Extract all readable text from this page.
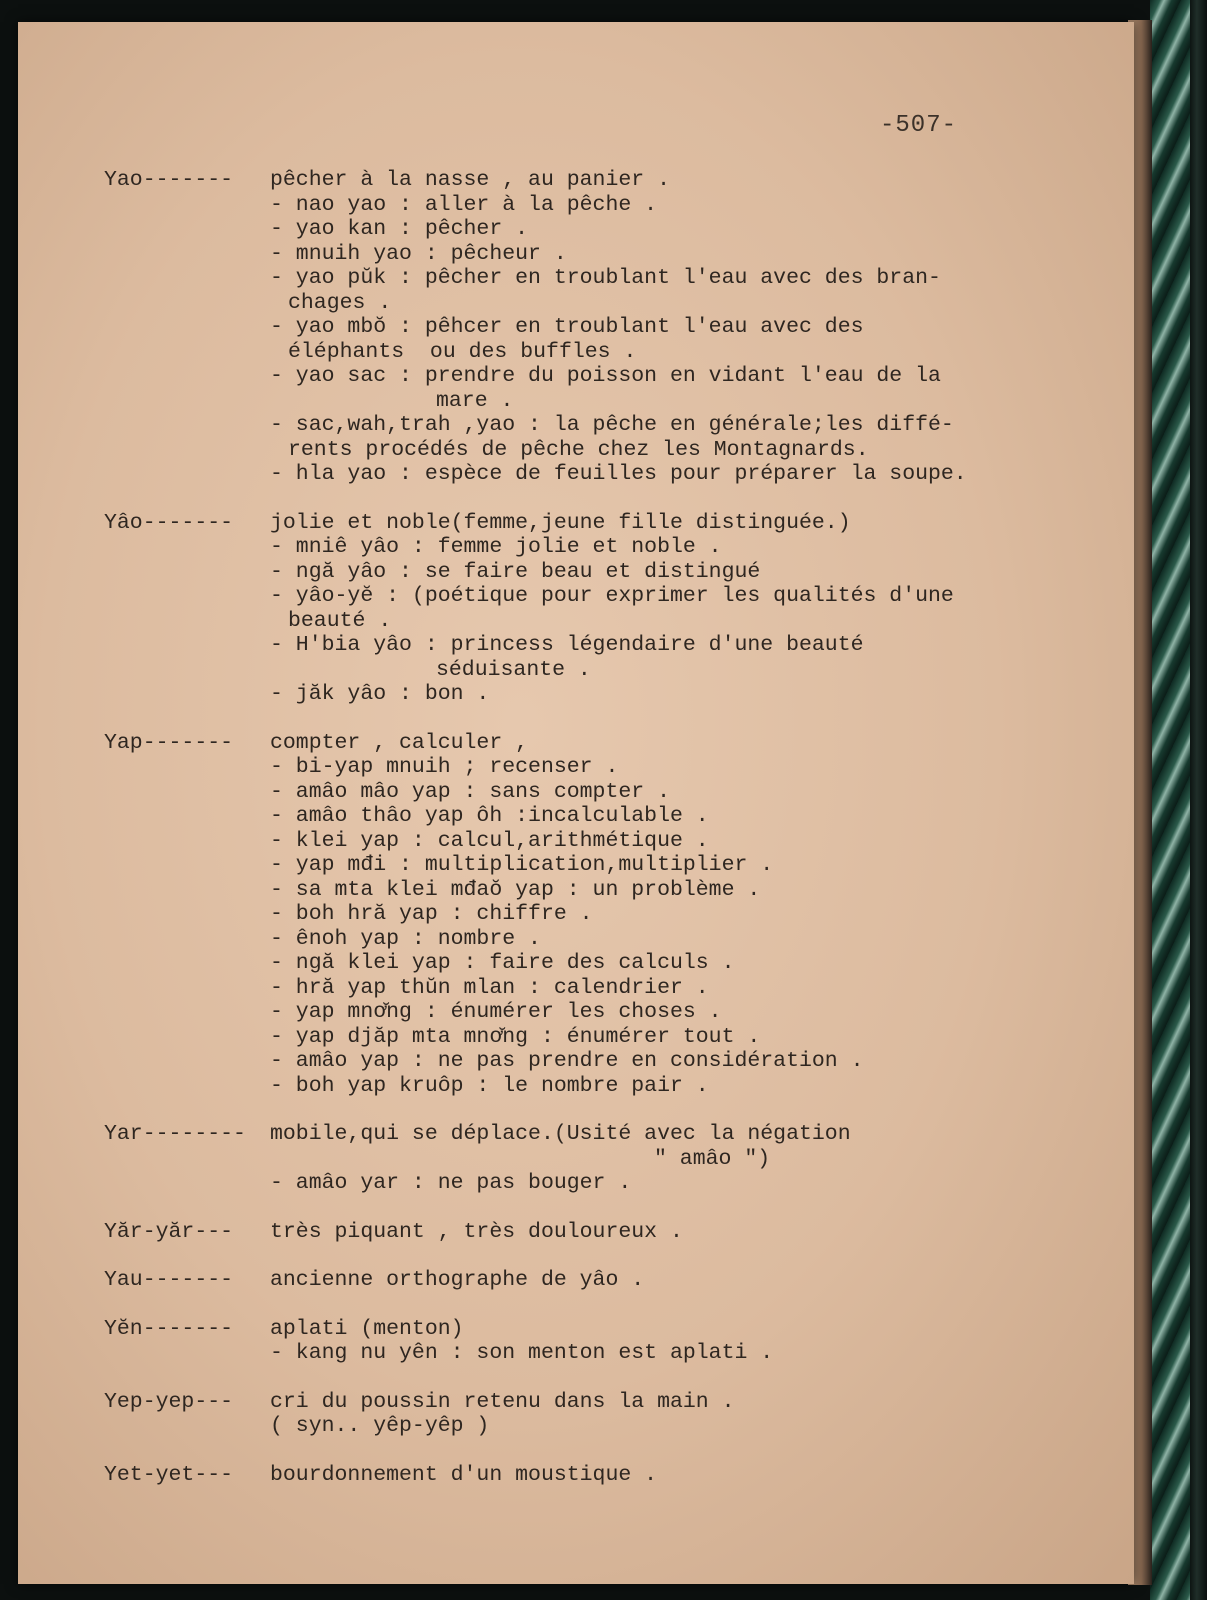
-507-
Yao-------	pêcher à la nasse , au panier .
- nao yao : aller à la pêche .
- yao kan : pêcher .
- mnuih yao : pêcheur .
- yao pŭk : pêcher en troublant l'eau avec des bran-
chages .
- yao mbŏ : pêhcer en troublant l'eau avec des
éléphants  ou des buffles .
- yao sac : prendre du poisson en vidant l'eau de la
mare .
- sac,wah,trah ,yao : la pêche en générale;les diffé-
rents procédés de pêche chez les Montagnards.
- hla yao : espèce de feuilles pour préparer la soupe.
Yâo-------	jolie et noble(femme,jeune fille distinguée.)
- mniê yâo : femme jolie et noble .
- ngă yâo : se faire beau et distingué
- yâo-yĕ : (poétique pour exprimer les qualités d'une
beauté .
- H'bia yâo : princess légendaire d'une beauté
séduisante .
- jăk yâo : bon .
Yap-------	compter , calculer ,
- bi-yap mnuih ; recenser .
- amâo mâo yap : sans compter .
- amâo thâo yap ôh :incalculable .
- klei yap : calcul,arithmétique .
- yap mđi : multiplication,multiplier .
- sa mta klei mđaŏ yap : un problème .
- boh hră yap : chiffre .
- ênoh yap : nombre .
- ngă klei yap : faire des calculs .
- hră yap thŭn mlan : calendrier .
- yap mnơ̆ng : énumérer les choses .
- yap djăp mta mnơ̆ng : énumérer tout .
- amâo yap : ne pas prendre en considération .
- boh yap kruôp : le nombre pair .
Yar--------	mobile,qui se déplace.(Usité avec la négation
" amâo ")
- amâo yar : ne pas bouger .
Yăr-yăr---	très piquant , très douloureux .
Yau-------	ancienne orthographe de yâo .
Yĕn-------	aplati (menton)
- kang nu yên : son menton est aplati .
Yep-yep---	cri du poussin retenu dans la main .
( syn.. yêp-yêp )
Yet-yet---	bourdonnement d'un moustique .
